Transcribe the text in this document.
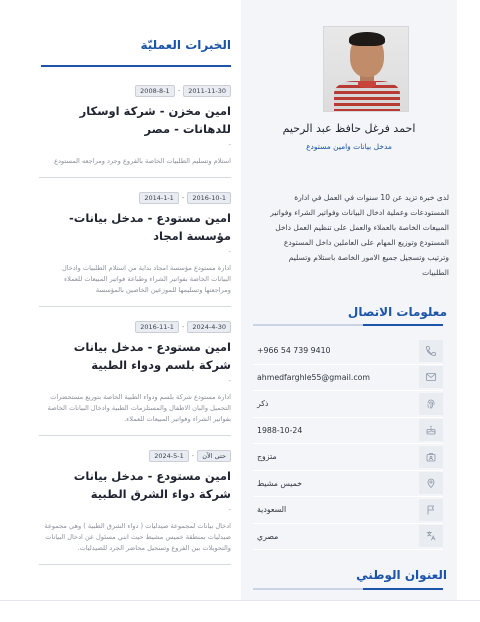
الخبرات العمليّة
2011-11-30
-
2008-8-1
امين مخزن - شركة اوسكار للدهانات - مصر
-
استلام وتسليم الطلبيات الخاصة بالفروع وجرد ومراجعه المستودع
2016-10-1
-
2014-1-1
امين مستودع - مدخل بيانات- مؤسسة امجاد
-
ادارة مستودع مؤسسة امجاد بداية من استلام الطلبيات وادخال البيانات الخاصة بفواتير الشراء وطباعة فواتير المبيعات للعملاء ومراجعتها وتسليمها للموزعين الخاصين بالمؤسسة
2024-4-30
-
2016-11-1
امين مستودع - مدخل بيانات شركة بلسم ودواء الطبية
-
ادارة مستودع شركة بلسم ودواء الطبية الخاصة بتوريع مستحضرات التجميل والبان الاطفال والمستلزمات الطبية وادخال البيانات الخاصة بفواتير الشراء وفواتير المبيعات للعملاء.
حتى الآن
-
2024-5-1
امين مستودع - مدخل بيانات شركة دواء الشرق الطبية
-
ادخال بيانات لمجموعة صيدليات ( دواء الشرق الطبية ) وهي مجموعة صيدليات بمنطقة خميس مشيط حيث انني مسئول عن ادخال البيانات والتحويلات بين الفروع وتسجيل محاضر الجرد للصيدليات.
احمد فرغل حافظ عبد الرحيم
مدخل بيانات وامين مستودع
لدى خبرة تزيد عن 10 سنوات في العمل في ادارة المستودعات وعملية ادخال البيانات وفواتير الشراء وفواتير المبيعات الخاصة بالعملاء والعمل على تنظيم العمل داخل المستودع وتوزيع المهام على العاملين داخل المستودع وترتيب وتسجيل جميع الامور الخاصة باستلام وتسليم الطلبيات
معلومات الاتصال
+966 54 739 9410
ahmedfarghle55@gmail.com
ذكر
1988-10-24
متزوج
خميس مشيط
السعودية
مصري
العنوان الوطني
